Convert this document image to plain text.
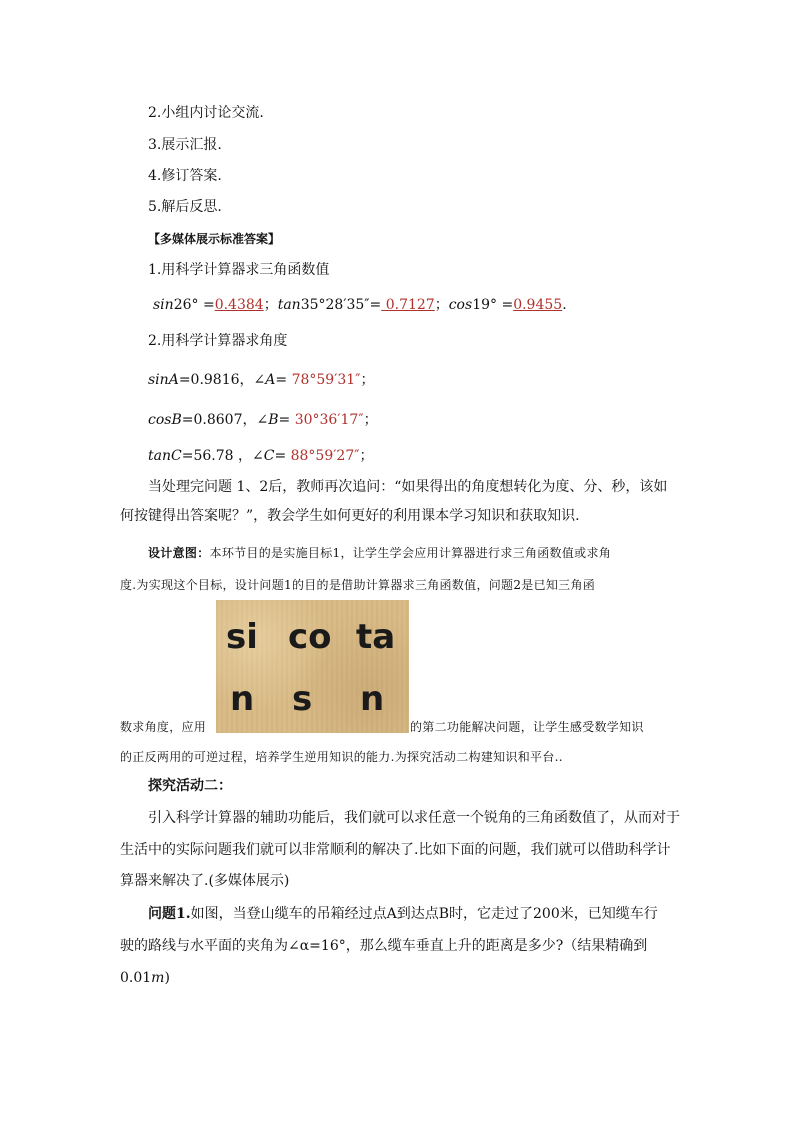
2.小组内讨论交流.
3.展示汇报.
4.修订答案.
5.解后反思.
【多媒体展示标准答案】
1.用科学计算器求三角函数值
sin26° =0.4384；tan35°28′35″= 0.7127；cos19° =0.9455.
2.用科学计算器求角度
sinA=0.9816，∠A= 78°59′31″；
cosB=0.8607，∠B= 30°36′17″；
tanC=56.78 ，∠C= 88°59′27″；
当处理完问题 1、2后，教师再次追问：“如果得出的角度想转化为度、分、秒，该如
何按键得出答案呢？”，教会学生如何更好的利用课本学习知识和获取知识.
设计意图：本环节目的是实施目标1，让学生学会应用计算器进行求三角函数值或求角
度.为实现这个目标，设计问题1的目的是借助计算器求三角函数值，问题2是已知三角函
si
n
co
s
ta
n
数求角度，应用	的第二功能解决问题，让学生感受数学知识
的正反两用的可逆过程，培养学生逆用知识的能力.为探究活动二构建知识和平台..
探究活动二：
引入科学计算器的辅助功能后，我们就可以求任意一个锐角的三角函数值了，从而对于
生活中的实际问题我们就可以非常顺利的解决了.比如下面的问题，我们就可以借助科学计
算器来解决了.(多媒体展示)
问题1.如图，当登山缆车的吊箱经过点A到达点B时，它走过了200米，已知缆车行
驶的路线与水平面的夹角为∠α=16°，那么缆车垂直上升的距离是多少?（结果精确到
0.01m)
